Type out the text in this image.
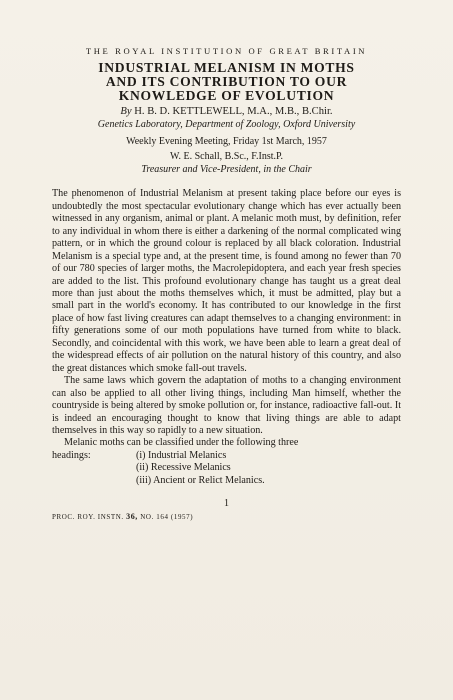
THE ROYAL INSTITUTION OF GREAT BRITAIN
INDUSTRIAL MELANISM IN MOTHS
AND ITS CONTRIBUTION TO OUR
KNOWLEDGE OF EVOLUTION
By H. B. D. KETTLEWELL, M.A., M.B., B.Chir.
Genetics Laboratory, Department of Zoology, Oxford University
Weekly Evening Meeting, Friday 1st March, 1957
W. E. Schall, B.Sc., F.Inst.P.
Treasurer and Vice-President, in the Chair

The phenomenon of Industrial Melanism at present taking place before our eyes is undoubtedly the most spectacular evolutionary change which has ever actually been witnessed in any organism, animal or plant. A melanic moth must, by definition, refer to any individual in whom there is either a darkening of the normal complicated wing pattern, or in which the ground colour is replaced by all black coloration. Industrial Melanism is a special type and, at the present time, is found among no fewer than 70 of our 780 species of larger moths, the Macrolepidoptera, and each year fresh species are added to the list. This profound evolutionary change has taught us a great deal more than just about the moths themselves which, it must be admitted, play but a small part in the world's economy. It has contributed to our knowledge in the first place of how fast living creatures can adapt themselves to a changing environment: in fifty generations some of our moth populations have turned from white to black. Secondly, and coincidental with this work, we have been able to learn a great deal of the widespread effects of air pollution on the natural history of this country, and also the great distances which smoke fall-out travels.

The same laws which govern the adaptation of moths to a changing environment can also be applied to all other living things, including Man himself, whether the countryside is being altered by smoke pollution or, for instance, radioactive fall-out. It is indeed an encouraging thought to know that living things are able to adapt themselves in this way so rapidly to a new situation.

Melanic moths can be classified under the following three

headings:	(i) Industrial Melanics
(ii) Recessive Melanics
(iii) Ancient or Relict Melanics.
1
PROC. ROY. INSTN. 36, NO. 164 (1957)
